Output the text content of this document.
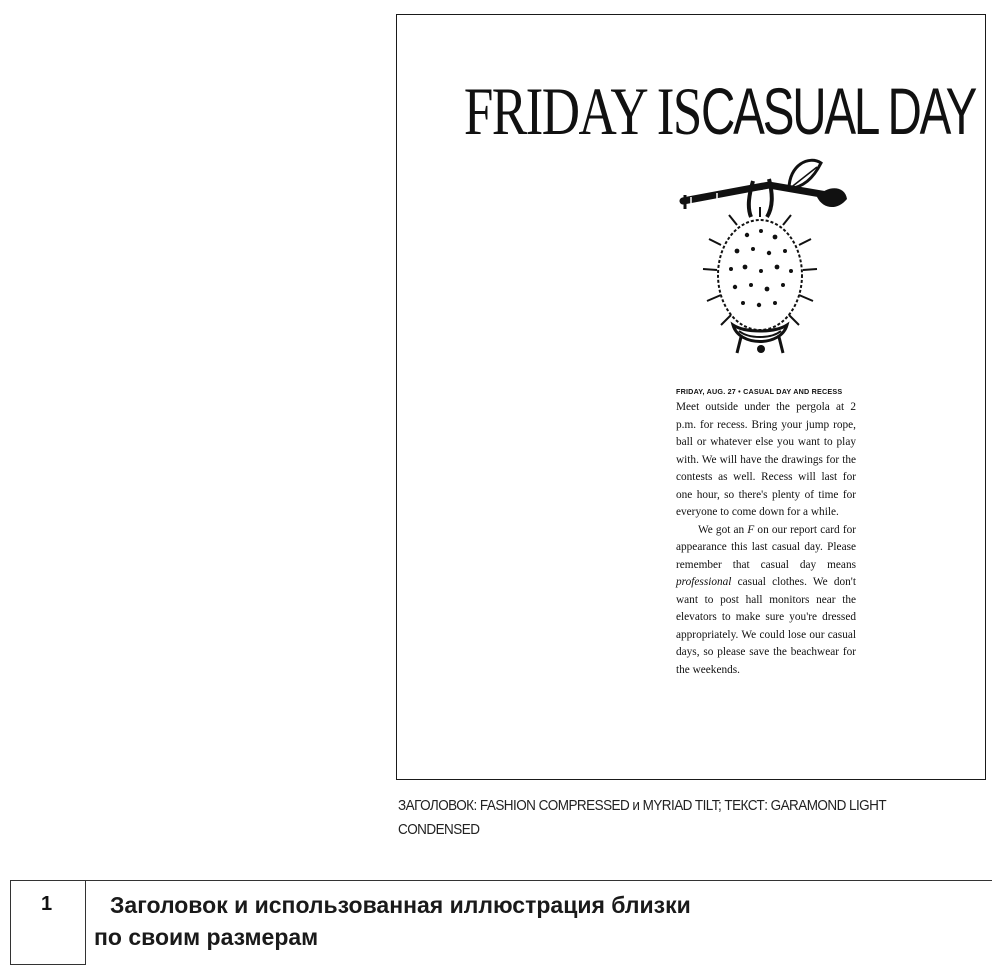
FRIDAY ISCASUAL DAY
FRIDAY, AUG. 27 • CASUAL DAY AND RECESS

Meet outside under the pergola at 2 p.m. for recess. Bring your jump rope, ball or whatever else you want to play with. We will have the drawings for the contests as well. Recess will last for one hour, so there's plenty of time for everyone to come down for a while.

We got an F on our report card for appearance this last casual day. Please remember that casual day means professional casual clothes. We don't want to post hall monitors near the elevators to make sure you're dressed appropriately. We could lose our casual days, so please save the beachwear for the weekends.

ЗАГОЛОВОК: FASHION COMPRESSED и MYRIAD TILT; ТЕКСТ: GARAMOND LIGHT CONDENSED
1	Заголовок и использованная иллюстрация близки
по своим размерам
